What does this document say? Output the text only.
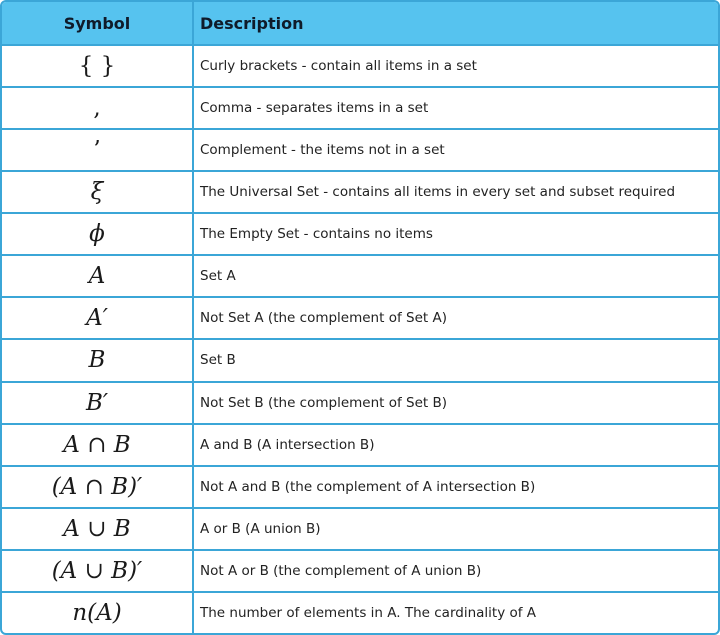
Symbol	Description
{ }	Curly brackets - contain all items in a set
,	Comma - separates items in a set
’	Complement - the items not in a set
ξ	The Universal Set - contains all items in every set and subset required
ϕ	The Empty Set - contains no items
A	Set A
A′	Not Set A (the complement of Set A)
B	Set B
B′	Not Set B (the complement of Set B)
A ∩ B	A and B (A intersection B)
(A ∩ B)′	Not A and B (the complement of A intersection B)
A ∪ B	A or B (A union B)
(A ∪ B)′	Not A or B (the complement of A union B)
n(A)	The number of elements in A. The cardinality of A
